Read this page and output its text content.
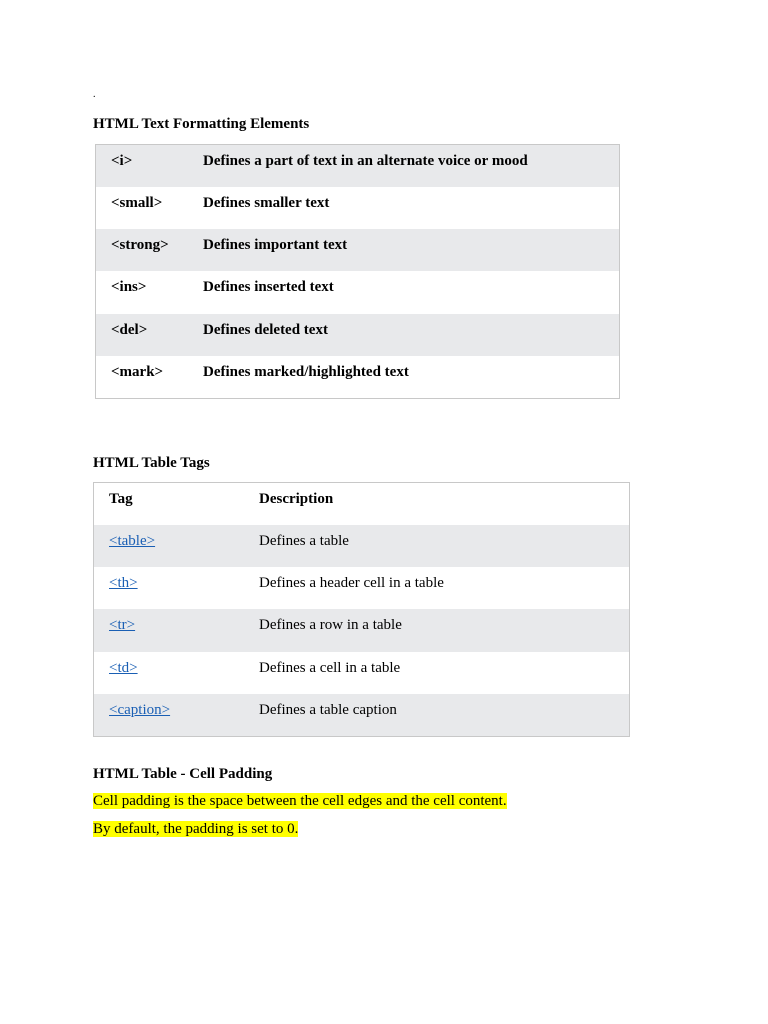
.
HTML Text Formatting Elements
<i>	Defines a part of text in an alternate voice or mood

<small>	Defines smaller text

<strong>	Defines important text

<ins>	Defines inserted text

<del>	Defines deleted text

<mark>	Defines marked/highlighted text
HTML Table Tags
Tag	Description

<table>	Defines a table

<th>	Defines a header cell in a table

<tr>	Defines a row in a table

<td>	Defines a cell in a table

<caption>	Defines a table caption
HTML Table - Cell Padding
Cell padding is the space between the cell edges and the cell content.
By default, the padding is set to 0.
